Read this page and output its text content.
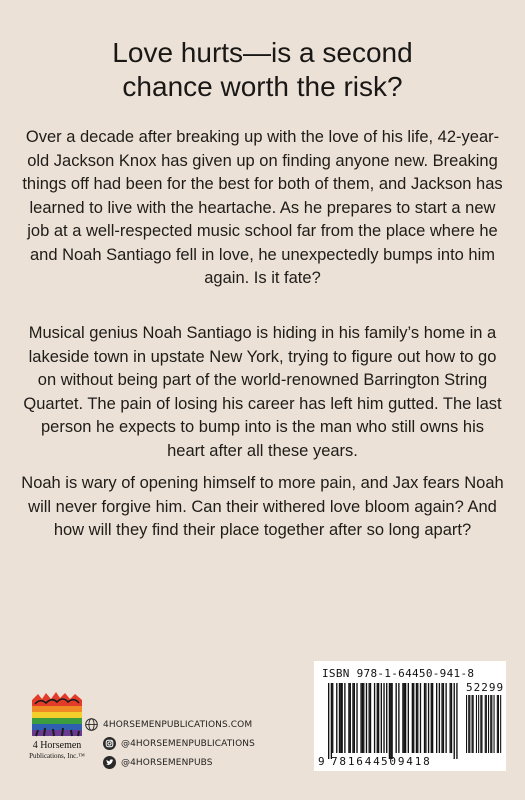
Love hurts—is a second
chance worth the risk?

Over a decade after breaking up with the love of his life, 42-year-old Jackson Knox has given up on finding anyone new. Breaking things off had been for the best for both of them, and Jackson has learned to live with the heartache. As he prepares to start a new job at a well-respected music school far from the place where he and Noah Santiago fell in love, he unexpectedly bumps into him again. Is it fate?

Musical genius Noah Santiago is hiding in his family’s home in a lakeside town in upstate New York, trying to figure out how to go on without being part of the world-renowned Barrington String Quartet. The pain of losing his career has left him gutted. The last person he expects to bump into is the man who still owns his heart after all these years.

Noah is wary of opening himself to more pain, and Jax fears Noah will never forgive him. Can their withered love bloom again? And how will they find their place together after so long apart?

4 Horsemen
Publications, Inc.™
4HORSEMENPUBLICATIONS.COM
@4HORSEMENPUBLICATIONS
@4HORSEMENPUBS
ISBN 978-1-64450-941-8
52299
9 781644 509418
